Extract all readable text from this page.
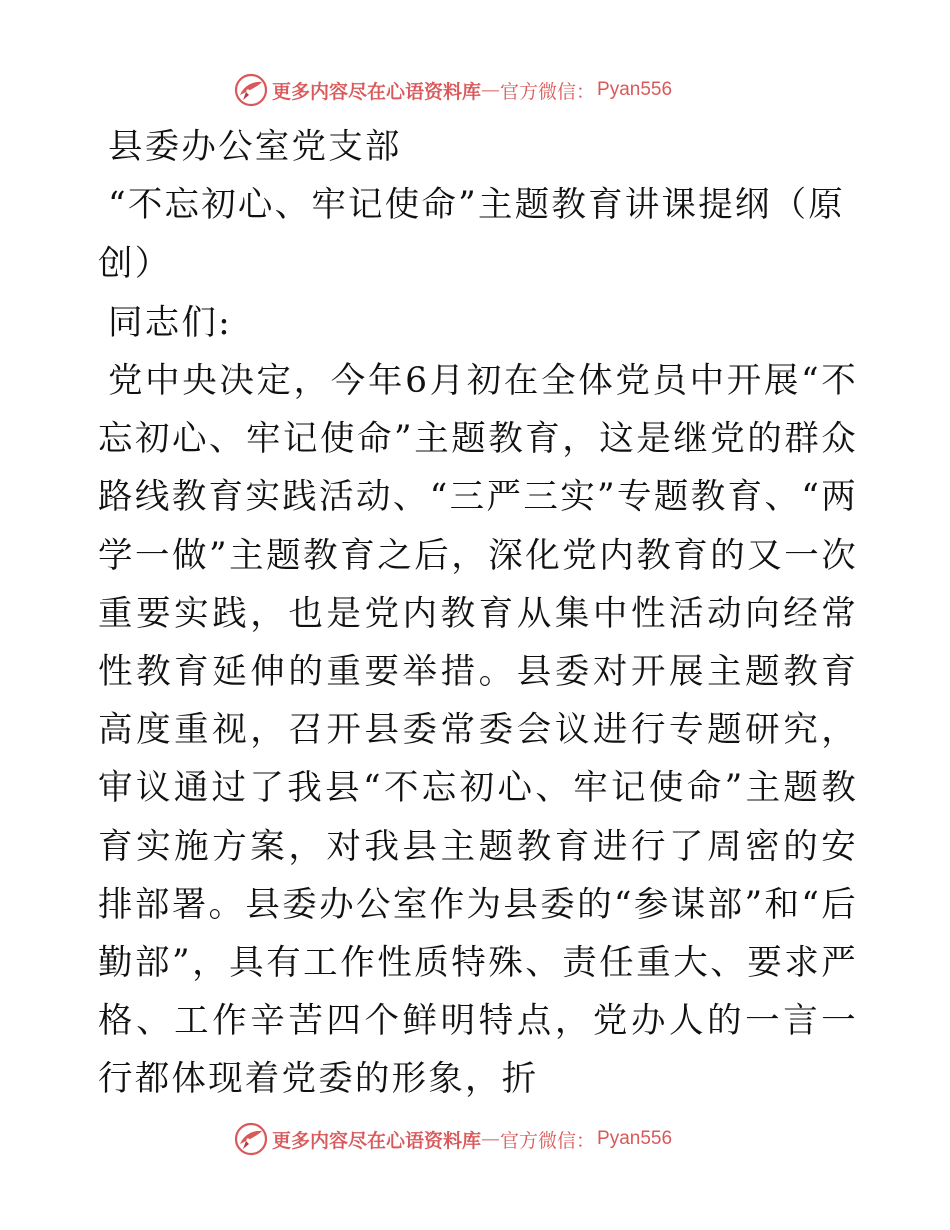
更多内容尽在心语资料库 — 官方微信： Pyan556

县委办公室党支部

“不忘初心、牢记使命”主题教育讲课提纲（原创）

同志们:

党中央决定，今年6月初在全体党员中开展“不忘初心、牢记使命”主题教育，这是继党的群众路线教育实践活动、“三严三实”专题教育、“两学一做”主题教育之后，深化党内教育的又一次重要实践，也是党内教育从集中性活动向经常性教育延伸的重要举措。县委对开展主题教育高度重视，召开县委常委会议进行专题研究，审议通过了我县“不忘初心、牢记使命”主题教育实施方案，对我县主题教育进行了周密的安排部署。县委办公室作为县委的“参谋部”和“后勤部”，具有工作性质特殊、责任重大、要求严格、工作辛苦四个鲜明特点，党办人的一言一行都体现着党委的形象，折

更多内容尽在心语资料库 — 官方微信： Pyan556
